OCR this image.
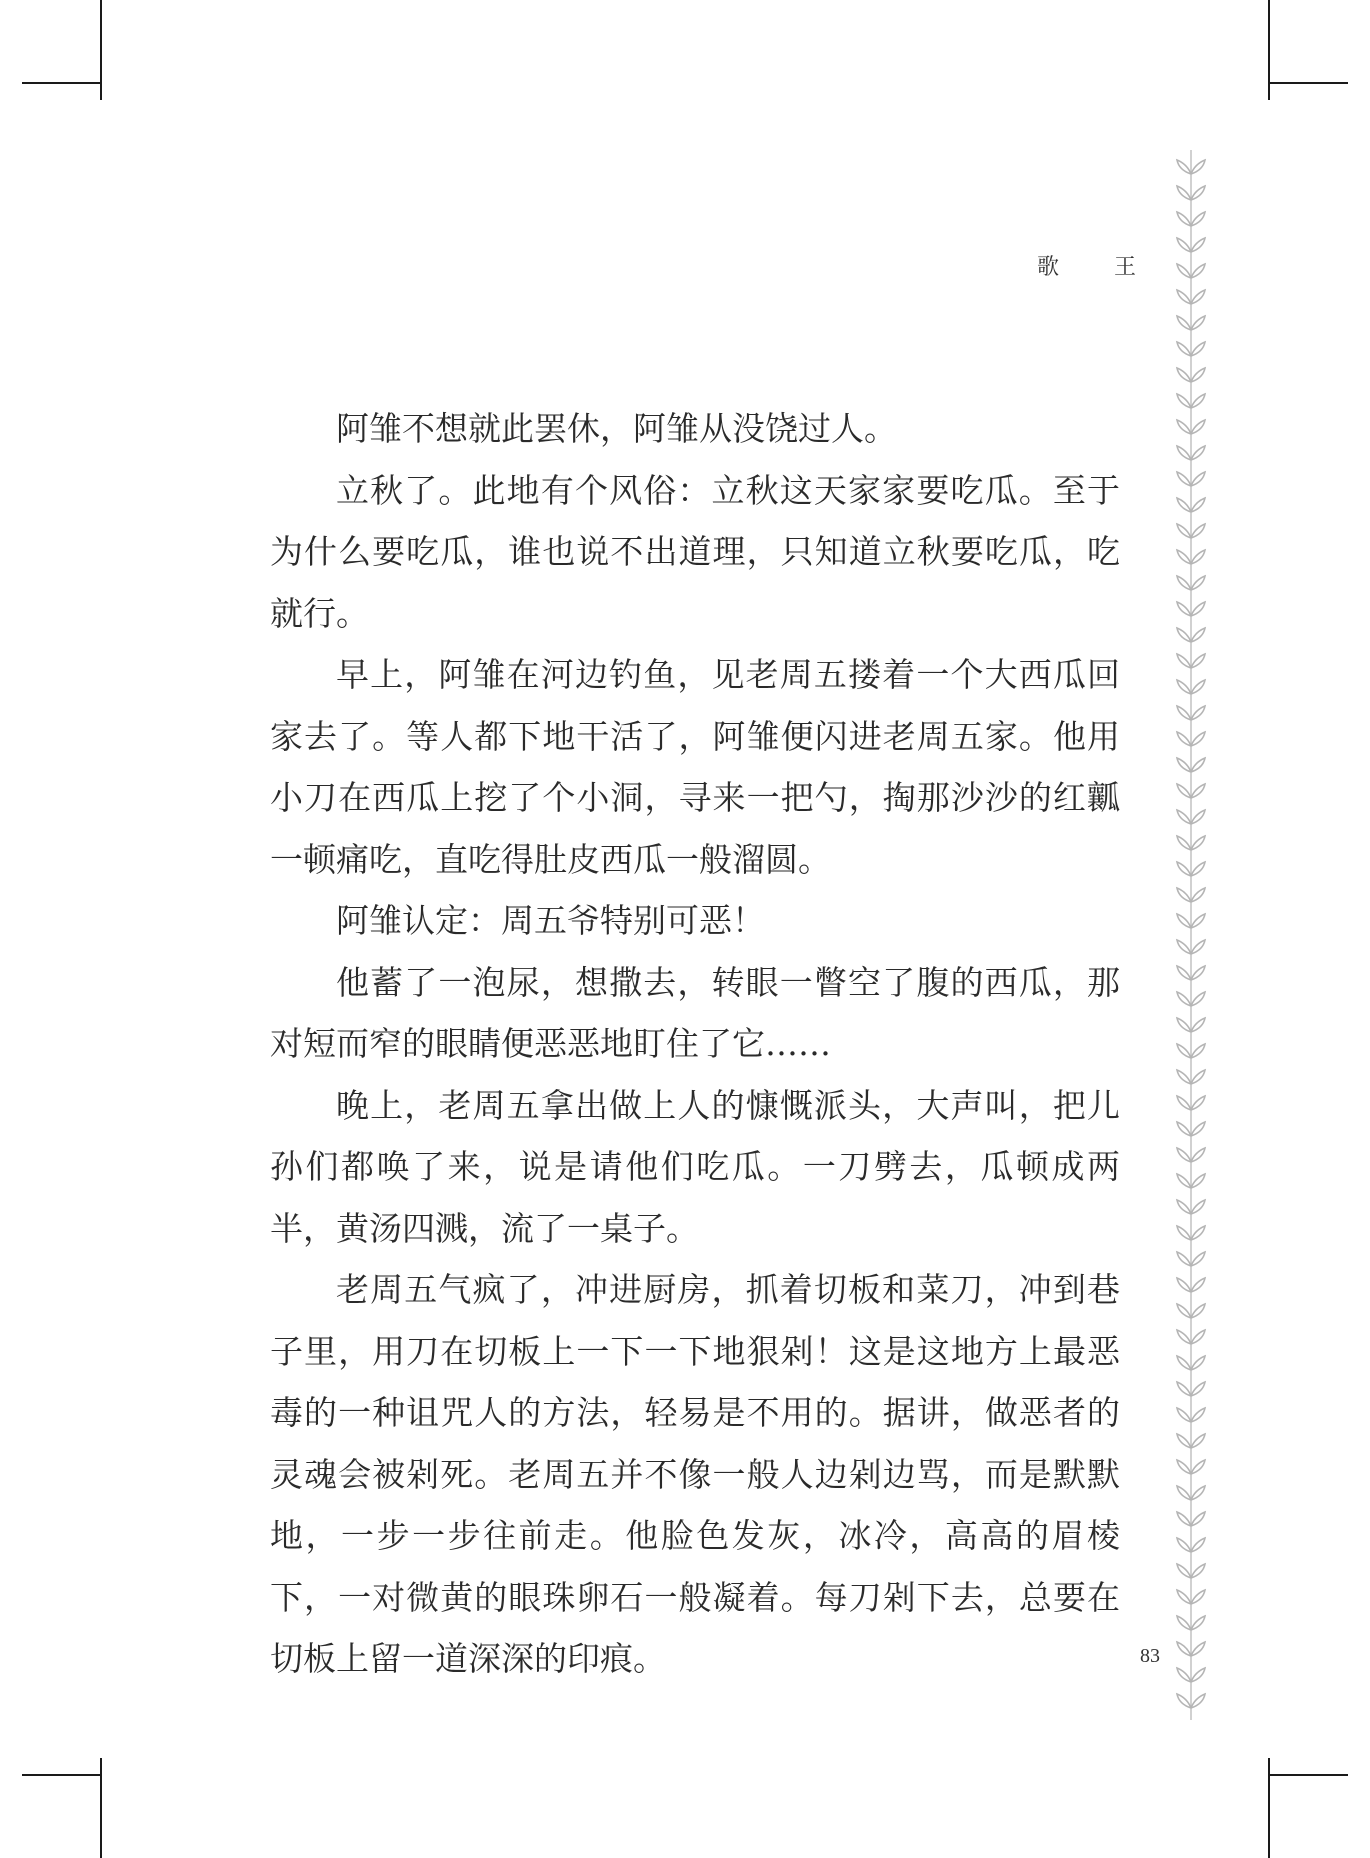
歌 王

阿雏不想就此罢休，阿雏从没饶过人。

立秋了。此地有个风俗：立秋这天家家要吃瓜。至于为什么要吃瓜，谁也说不出道理，只知道立秋要吃瓜，吃就行。

早上，阿雏在河边钓鱼，见老周五搂着一个大西瓜回家去了。等人都下地干活了，阿雏便闪进老周五家。他用小刀在西瓜上挖了个小洞，寻来一把勺，掏那沙沙的红瓤一顿痛吃，直吃得肚皮西瓜一般溜圆。

阿雏认定：周五爷特别可恶！

他蓄了一泡尿，想撒去，转眼一瞥空了腹的西瓜，那对短而窄的眼睛便恶恶地盯住了它……

晚上，老周五拿出做上人的慷慨派头，大声叫，把儿孙们都唤了来，说是请他们吃瓜。一刀劈去，瓜顿成两半，黄汤四溅，流了一桌子。

老周五气疯了，冲进厨房，抓着切板和菜刀，冲到巷子里，用刀在切板上一下一下地狠剁！这是这地方上最恶毒的一种诅咒人的方法，轻易是不用的。据讲，做恶者的灵魂会被剁死。老周五并不像一般人边剁边骂，而是默默地，一步一步往前走。他脸色发灰，冰冷，高高的眉棱下，一对微黄的眼珠卵石一般凝着。每刀剁下去，总要在切板上留一道深深的印痕。	83
